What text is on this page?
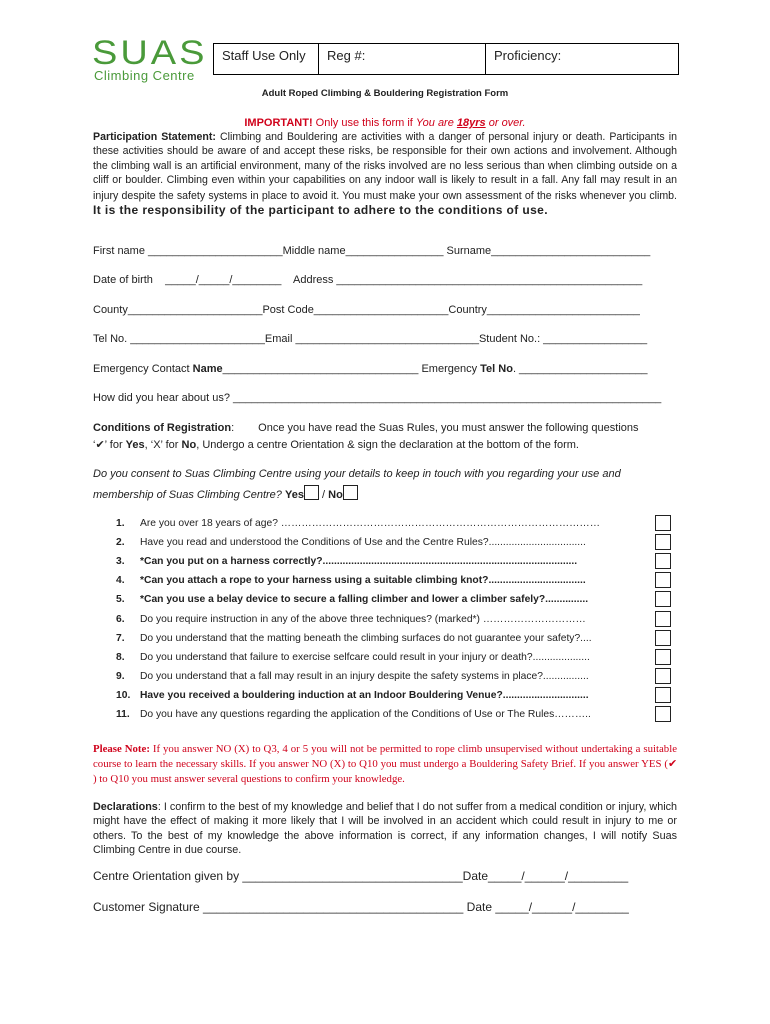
SUAS
Climbing Centre
Staff Use Only	Reg #:	Proficiency:
Adult Roped Climbing & Bouldering Registration Form
IMPORTANT! Only use this form if You are 18yrs or over.
Participation Statement: Climbing and Bouldering are activities with a danger of personal injury or death. Participants in these activities should be aware of and accept these risks, be responsible for their own actions and involvement. Although the climbing wall is an artificial environment, many of the risks involved are no less serious than when climbing outside on a cliff or boulder. Climbing even within your capabilities on any indoor wall is likely to result in a fall. Any fall may result in an injury despite the safety systems in place to avoid it. You must make your own assessment of the risks whenever you climb. It is the responsibility of the participant to adhere to the conditions of use.
First name ______________________Middle name________________ Surname__________________________
Date of birth    _____/_____/________    Address __________________________________________________
County______________________Post Code______________________Country_________________________
Tel No. ______________________Email ______________________________Student No.: _________________
Emergency Contact Name________________________________ Emergency Tel No. _____________________
How did you hear about us? ______________________________________________________________________
Conditions of Registration: Once you have read the Suas Rules, you must answer the following questions
‘✔’ for Yes, ‘X’ for No, Undergo a centre Orientation & sign the declaration at the bottom of the form.
Do you consent to Suas Climbing Centre using your details to keep in touch with you regarding your use and
membership of Suas Climbing Centre? Yes / No
1.	Are you over 18 years of age? …………………………………………………………………………………
2.	Have you read and understood the Conditions of Use and the Centre Rules?..................................
3.	*Can you put on a harness correctly?.........................................................................................
4.	*Can you attach a rope to your harness using a suitable climbing knot?..................................
5.	*Can you use a belay device to secure a falling climber and lower a climber safely?...............
6.	Do you require instruction in any of the above three techniques? (marked*) …………………………
7.	Do you understand that the matting beneath the climbing surfaces do not guarantee your safety?....
8.	Do you understand that failure to exercise selfcare could result in your injury or death?....................
9.	Do you understand that a fall may result in an injury despite the safety systems in place?................
10. Have you received a bouldering induction at an Indoor Bouldering Venue?..............................
11. Do you have any questions regarding the application of the Conditions of Use or The Rules………..
Please Note: If you answer NO (X) to Q3, 4 or 5 you will not be permitted to rope climb unsupervised without undertaking a suitable course to learn the necessary skills. If you answer NO (X) to Q10 you must undergo a Bouldering Safety Brief. If you answer YES (✔ ) to Q10 you must answer several questions to confirm your knowledge.
Declarations: I confirm to the best of my knowledge and belief that I do not suffer from a medical condition or injury, which might have the effect of making it more likely that I will be involved in an accident which could result in injury to me or others. To the best of my knowledge the above information is correct, if any information changes, I will notify Suas Climbing Centre in due course.
Centre Orientation given by _________________________________Date_____/______/_________
Customer Signature _______________________________________ Date _____/______/________
